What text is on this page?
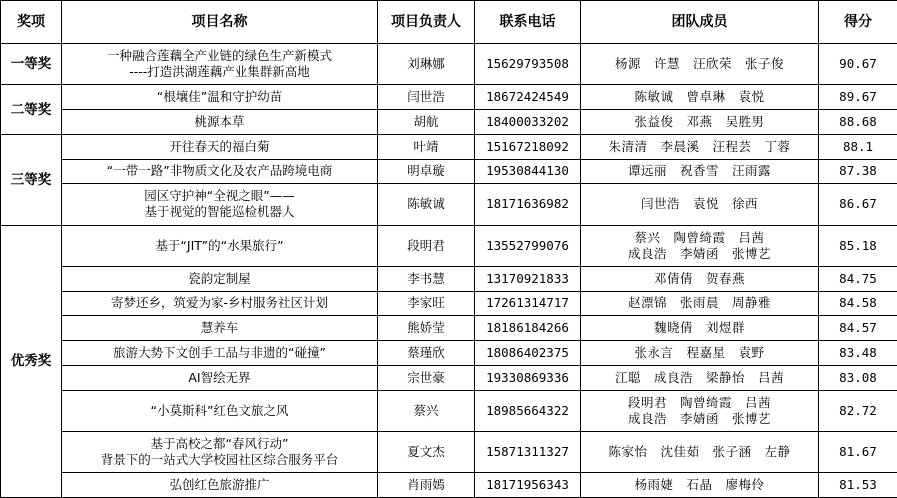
奖项	项目名称	项目负责人	联系电话	团队成员	得分
一等奖	一种融合莲藕全产业链的绿色生产新模式
----打造洪湖莲藕产业集群新高地	刘琳娜	15629793508	杨源　许慧　汪欣荣　张子俊	90.67
二等奖	“根壤佳”温和守护幼苗	闫世浩	18672424549	陈敏诚　曾卓琳　袁悦	89.67

	桃源本草	胡航	18400033202	张益俊　邓燕　吴胜男	88.68
三等奖	开往春天的福白菊	叶靖	15167218092	朱清清　李晨溪　汪程芸　丁蓉	88.1

	“一带一路”非物质文化及农产品跨境电商	明卓璇	19530844130	谭远丽　祝香雪　汪雨露	87.38

	园区守护神“全视之眼”——
基于视觉的智能巡检机器人	陈敏诚	18171636982	闫世浩　袁悦　徐西	86.67
优秀奖	基于“JIT”的“水果旅行”	段明君	13552799076	蔡兴　陶曾绮霞　吕茜
成良浩　李婧函　张博艺	85.18

	瓷韵定制屋	李书慧	13170921833	邓倩倩　贺春燕	84.75

	寄梦还乡，筑爱为家-乡村服务社区计划	李家旺	17261314717	赵漂锦　张雨晨　周静雅	84.58

	慧养车	熊娇莹	18186184266	魏晓倩　刘煜群	84.57

	旅游大势下文创手工品与非遗的“碰撞”	蔡瑾欣	18086402375	张永言　程嘉星　袁野	83.48

	AI智绘无界	宗世豪	19330869336	江聪　成良浩　梁静怡　吕茜	83.08

	“小莫斯科”红色文旅之风	蔡兴	18985664322	段明君　陶曾绮霞　吕茜
成良浩　李婧函　张博艺	82.72

	基于高校之都“春风行动”
背景下的一站式大学校园社区综合服务平台	夏文杰	15871311327	陈家怡　沈佳茹　张子涵　左静	81.67

	弘创红色旅游推广	肖雨嫣	18171956343	杨雨婕　石晶　廖梅伶	81.53
